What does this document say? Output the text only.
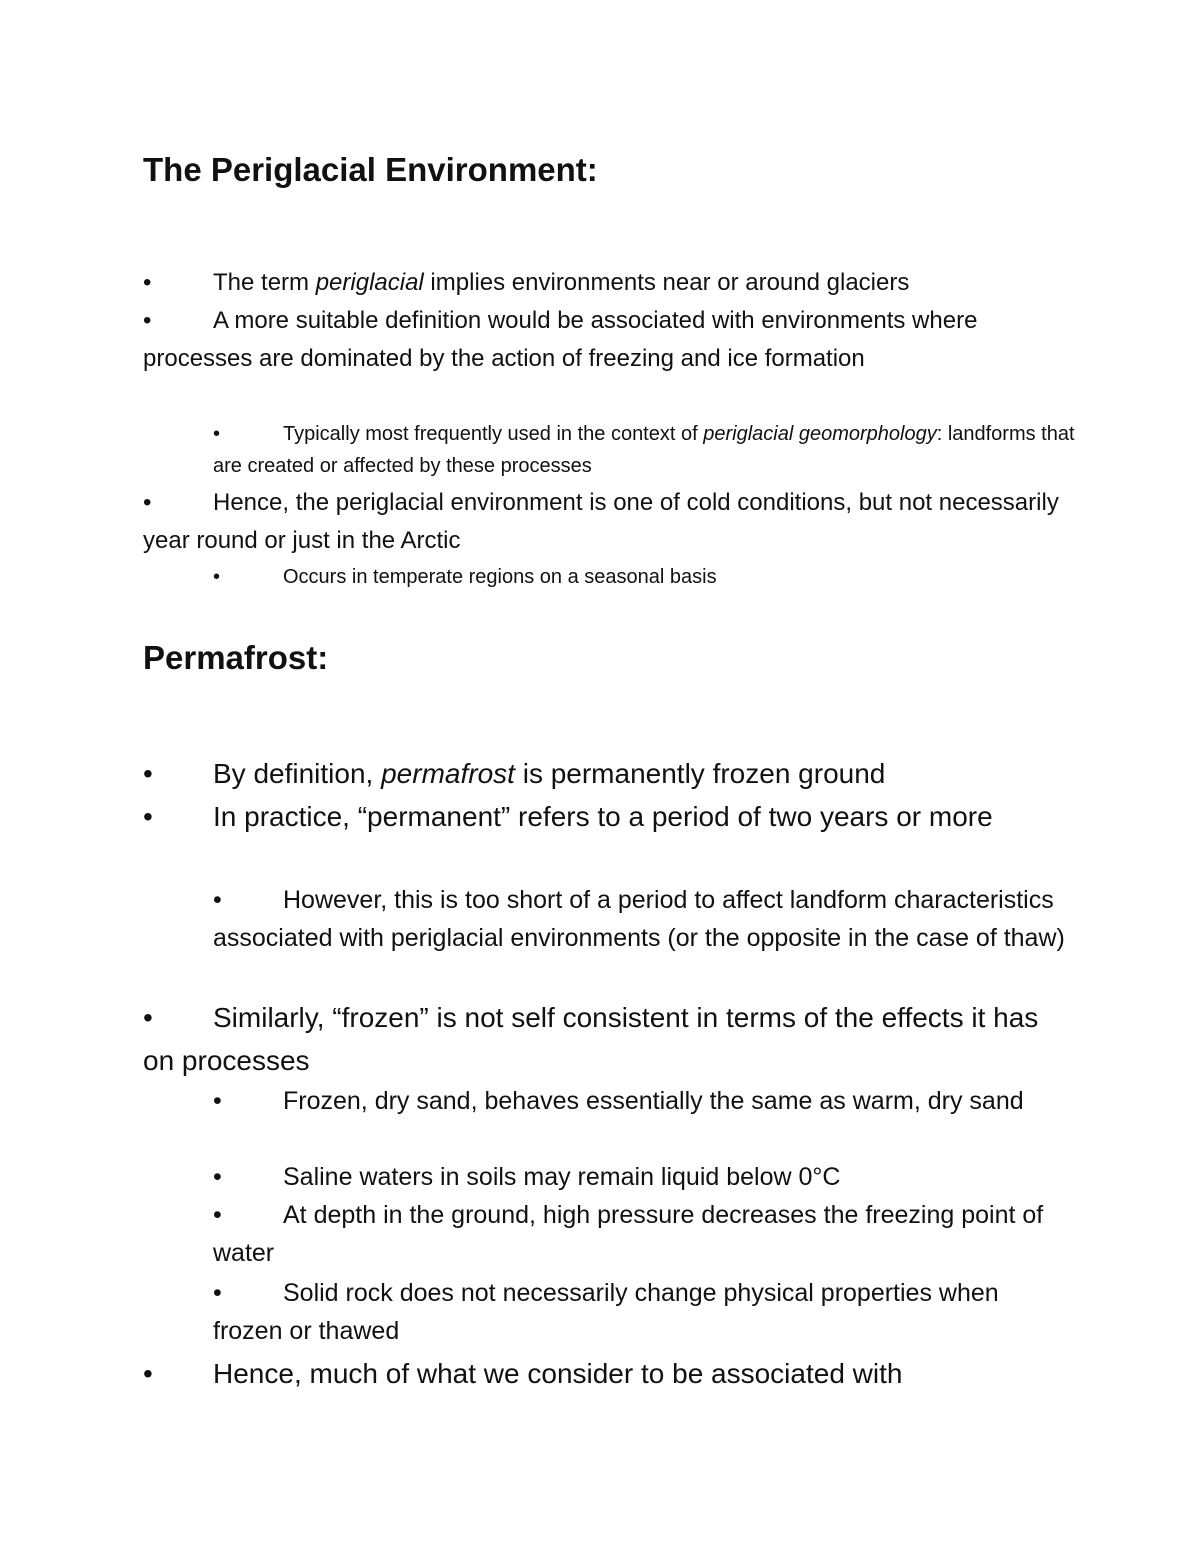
The Periglacial Environment:

•	The term periglacial implies environments near or around glaciers

•	A more suitable definition would be associated with environments where processes are dominated by the action of freezing and ice formation

•	Typically most frequently used in the context of periglacial geomorphology: landforms that are created or affected by these processes

•	Hence, the periglacial environment is one of cold conditions, but not necessarily year round or just in the Arctic

•	Occurs in temperate regions on a seasonal basis

Permafrost:

• By definition, permafrost is permanently frozen ground

• In practice, “permanent” refers to a period of two years or more

• However, this is too short of a period to affect landform characteristics associated with periglacial environments (or the opposite in the case of thaw)

• Similarly, “frozen” is not self consistent in terms of the effects it has on processes

• Frozen, dry sand, behaves essentially the same as warm, dry sand

• Saline waters in soils may remain liquid below 0°C

• At depth in the ground, high pressure decreases the freezing point of water

• Solid rock does not necessarily change physical properties when frozen or thawed

• Hence, much of what we consider to be associated with
